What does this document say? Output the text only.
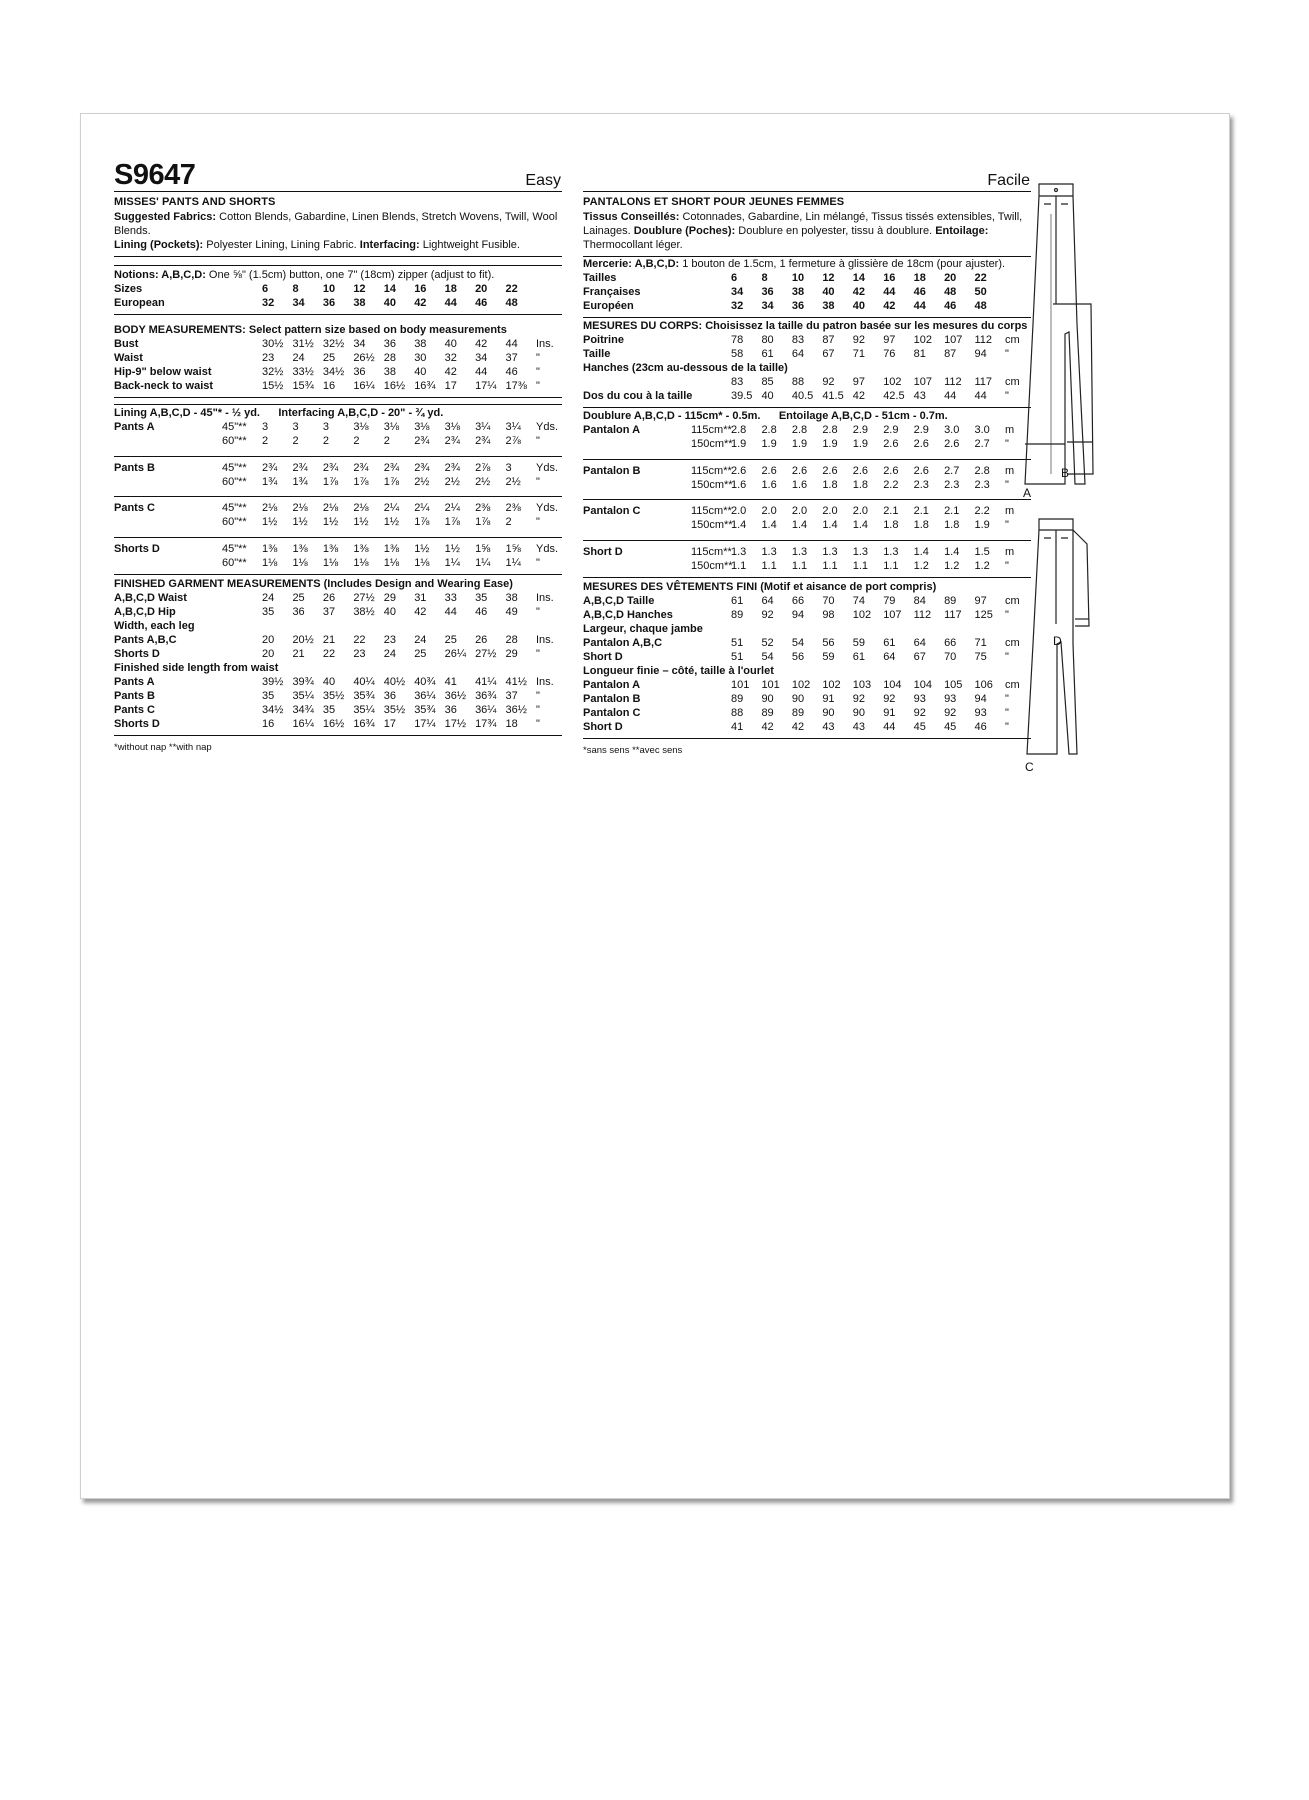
S9647	Easy
MISSES' PANTS AND SHORTS
Suggested Fabrics: Cotton Blends, Gabardine, Linen Blends, Stretch Wovens, Twill, Wool Blends.
Lining (Pockets): Polyester Lining, Lining Fabric. Interfacing: Lightweight Fusible.
Notions: A,B,C,D: One ⅝" (1.5cm) button, one 7" (18cm) zipper (adjust to fit).
Sizes		6	8	10	12	14	16	18	20	22	
European		32	34	36	38	40	42	44	46	48	
BODY MEASUREMENTS: Select pattern size based on body measurements
Bust		30½	31½	32½	34	36	38	40	42	44	Ins.
Waist		23	24	25	26½	28	30	32	34	37	"
Hip-9" below waist		32½	33½	34½	36	38	40	42	44	46	"
Back-neck to waist		15½	15¾	16	16¼	16½	16¾	17	17¼	17⅜	"
Lining A,B,C,D - 45"* - ½ yd. Interfacing A,B,C,D - 20" - ¾ yd.
Pants A	45"**	3	3	3	3⅛	3⅛	3⅛	3⅛	3¼	3¼	Yds.
	60"**	2	2	2	2	2	2¾	2¾	2¾	2⅞	"

Pants B	45"**	2¾	2¾	2¾	2¾	2¾	2¾	2¾	2⅞	3	Yds.
	60"**	1¾	1¾	1⅞	1⅞	1⅞	2½	2½	2½	2½	"

Pants C	45"**	2⅛	2⅛	2⅛	2⅛	2¼	2¼	2¼	2⅜	2⅜	Yds.
	60"**	1½	1½	1½	1½	1½	1⅞	1⅞	1⅞	2	"

Shorts D	45"**	1⅜	1⅜	1⅜	1⅜	1⅜	1½	1½	1⅝	1⅝	Yds.
	60"**	1⅛	1⅛	1⅛	1⅛	1⅛	1⅛	1¼	1¼	1¼	"
FINISHED GARMENT MEASUREMENTS (Includes Design and Wearing Ease)
A,B,C,D Waist		24	25	26	27½	29	31	33	35	38	Ins.
A,B,C,D Hip		35	36	37	38½	40	42	44	46	49	"
Width, each leg											
Pants A,B,C		20	20½	21	22	23	24	25	26	28	Ins.
Shorts D		20	21	22	23	24	25	26¼	27½	29	"
Finished side length from waist											
Pants A		39½	39¾	40	40¼	40½	40¾	41	41¼	41½	Ins.
Pants B		35	35¼	35½	35¾	36	36¼	36½	36¾	37	"
Pants C		34½	34¾	35	35¼	35½	35¾	36	36¼	36½	"
Shorts D		16	16¼	16½	16¾	17	17¼	17½	17¾	18	"
*without nap **with nap
Facile
PANTALONS ET SHORT POUR JEUNES FEMMES
Tissus Conseillés: Cotonnades, Gabardine, Lin mélangé, Tissus tissés extensibles, Twill, Lainages. Doublure (Poches): Doublure en polyester, tissu à doublure. Entoilage: Thermocollant léger.
Mercerie: A,B,C,D: 1 bouton de 1.5cm, 1 fermeture à glissière de 18cm (pour ajuster).
Tailles		6	8	10	12	14	16	18	20	22	
Françaises		34	36	38	40	42	44	46	48	50	
Européen		32	34	36	38	40	42	44	46	48	
MESURES DU CORPS: Choisissez la taille du patron basée sur les mesures du corps
Poitrine		78	80	83	87	92	97	102	107	112	cm
Taille		58	61	64	67	71	76	81	87	94	"
Hanches (23cm au-dessous de la taille)											
		83	85	88	92	97	102	107	112	117	cm
Dos du cou à la taille		39.5	40	40.5	41.5	42	42.5	43	44	44	"
Doublure A,B,C,D - 115cm* - 0.5m. Entoilage A,B,C,D - 51cm - 0.7m.
Pantalon A	115cm**	2.8	2.8	2.8	2.8	2.9	2.9	2.9	3.0	3.0	m
	150cm**	1.9	1.9	1.9	1.9	1.9	2.6	2.6	2.6	2.7	"

Pantalon B	115cm**	2.6	2.6	2.6	2.6	2.6	2.6	2.6	2.7	2.8	m
	150cm**	1.6	1.6	1.6	1.8	1.8	2.2	2.3	2.3	2.3	"

Pantalon C	115cm**	2.0	2.0	2.0	2.0	2.0	2.1	2.1	2.1	2.2	m
	150cm**	1.4	1.4	1.4	1.4	1.4	1.8	1.8	1.8	1.9	"

Short D	115cm**	1.3	1.3	1.3	1.3	1.3	1.3	1.4	1.4	1.5	m
	150cm**	1.1	1.1	1.1	1.1	1.1	1.1	1.2	1.2	1.2	"
MESURES DES VÊTEMENTS FINI (Motif et aisance de port compris)
A,B,C,D Taille		61	64	66	70	74	79	84	89	97	cm
A,B,C,D Hanches		89	92	94	98	102	107	112	117	125	"
Largeur, chaque jambe											
Pantalon A,B,C		51	52	54	56	59	61	64	66	71	cm
Short D		51	54	56	59	61	64	67	70	75	"
Longueur finie – côté, taille à l'ourlet											
Pantalon A		101	101	102	102	103	104	104	105	106	cm
Pantalon B		89	90	90	91	92	92	93	93	94	"
Pantalon C		88	89	89	90	90	91	92	92	93	"
Short D		41	42	42	43	43	44	45	45	46	"
*sans sens **avec sens
A
B
C
D
